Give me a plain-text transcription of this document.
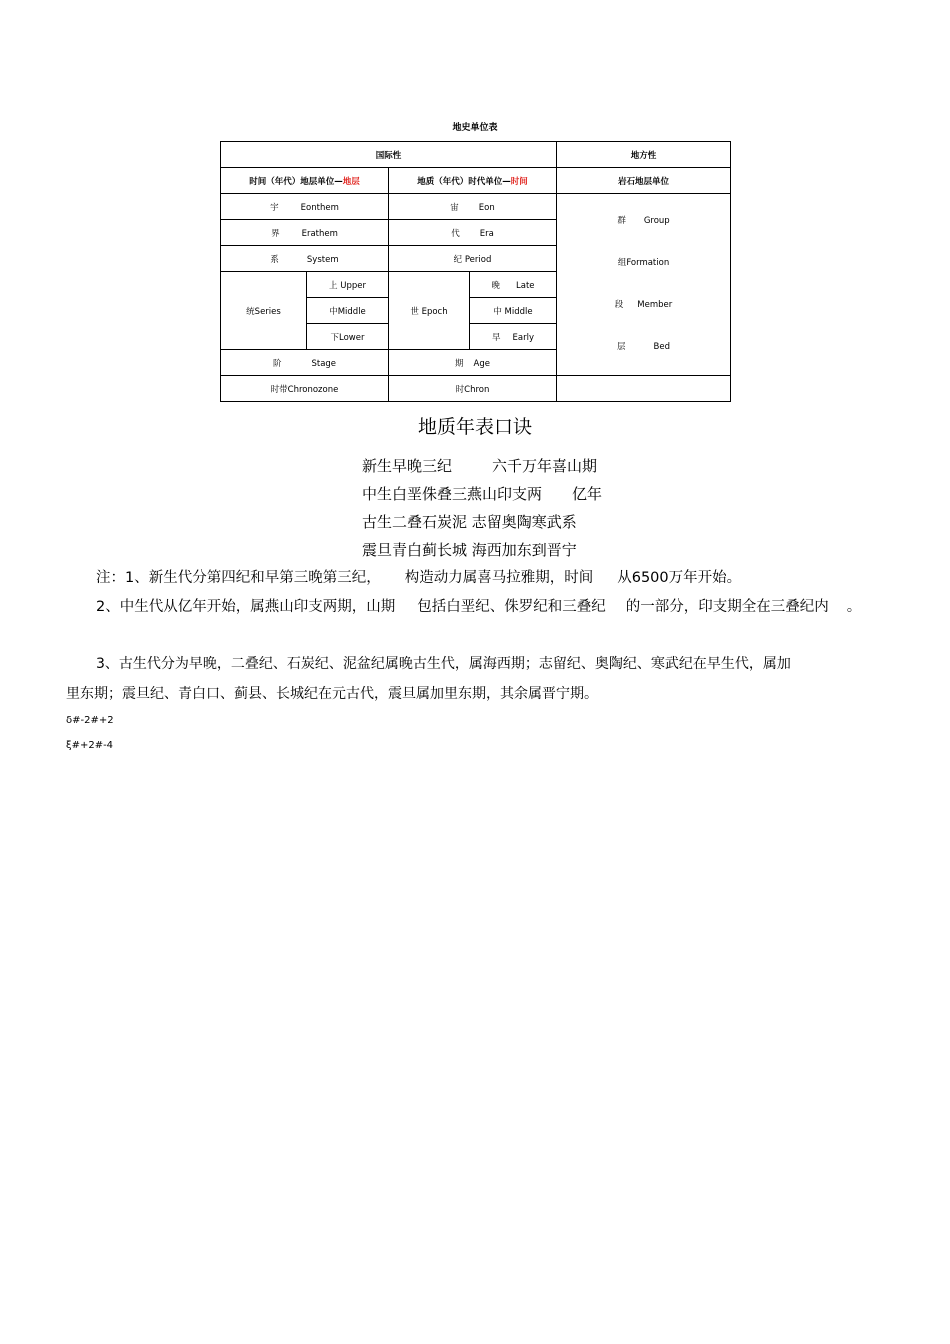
地史单位表
国际性				地方性
时间（年代）地层单位—地层		地质（年代）时代单位—时间		岩石地层单位
宇 Eonthem		宙 Eon		群 Group
组Formation
段 Member
层 Bed

界 Erathem		代 Era		
系 System		纪 Period		
统Series	上 Upper	世 Epoch	晚 Late	
	中Middle		中 Middle	
	下Lower		早 Early	
阶 Stage		期 Age		
时带Chronozone		时Chron		
地质年表口诀
新生早晚三纪	六千万年喜山期
中生白垩侏叠三燕山印支两 亿年
古生二叠石炭泥 志留奥陶寒武系
震旦青白蓟长城 海西加东到晋宁
注：1、新生代分第四纪和早第三晚第三纪， 构造动力属喜马拉雅期，时间 从6500万年开始。
2、中生代从亿年开始，属燕山印支两期，山期 包括白垩纪、侏罗纪和三叠纪 的一部分，印支期全在三叠纪内 。
3、古生代分为早晚，二叠纪、石炭纪、泥盆纪属晚古生代，属海西期；志留纪、奥陶纪、寒武纪在早生代，属加
里东期；震旦纪、青白口、蓟县、长城纪在元古代，震旦属加里东期，其余属晋宁期。
δ#-2#+2
ξ#+2#-4
